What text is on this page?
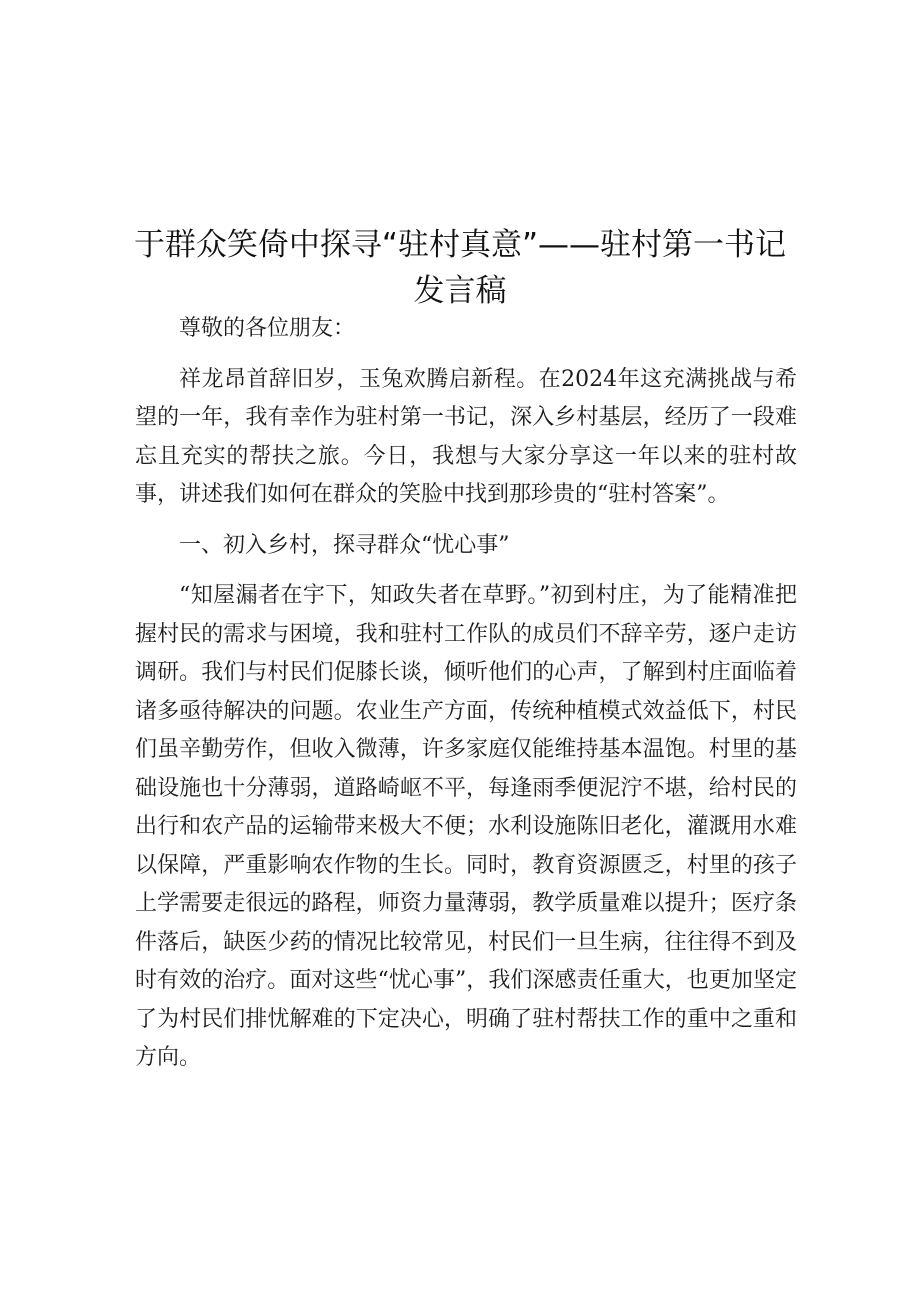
于群众笑倚中探寻“驻村真意”——驻村第一书记发言稿

尊敬的各位朋友：

祥龙昂首辞旧岁，玉兔欢腾启新程。在2024年这充满挑战与希望的一年，我有幸作为驻村第一书记，深入乡村基层，经历了一段难忘且充实的帮扶之旅。今日，我想与大家分享这一年以来的驻村故事，讲述我们如何在群众的笑脸中找到那珍贵的“驻村答案”。

一、初入乡村，探寻群众“忧心事”

“知屋漏者在宇下，知政失者在草野。”初到村庄，为了能精准把握村民的需求与困境，我和驻村工作队的成员们不辞辛劳，逐户走访调研。我们与村民们促膝长谈，倾听他们的心声，了解到村庄面临着诸多亟待解决的问题。农业生产方面，传统种植模式效益低下，村民们虽辛勤劳作，但收入微薄，许多家庭仅能维持基本温饱。村里的基础设施也十分薄弱，道路崎岖不平，每逢雨季便泥泞不堪，给村民的出行和农产品的运输带来极大不便；水利设施陈旧老化，灌溉用水难以保障，严重影响农作物的生长。同时，教育资源匮乏，村里的孩子上学需要走很远的路程，师资力量薄弱，教学质量难以提升；医疗条件落后，缺医少药的情况比较常见，村民们一旦生病，往往得不到及时有效的治疗。面对这些“忧心事”，我们深感责任重大，也更加坚定了为村民们排忧解难的下定决心，明确了驻村帮扶工作的重中之重和方向。
